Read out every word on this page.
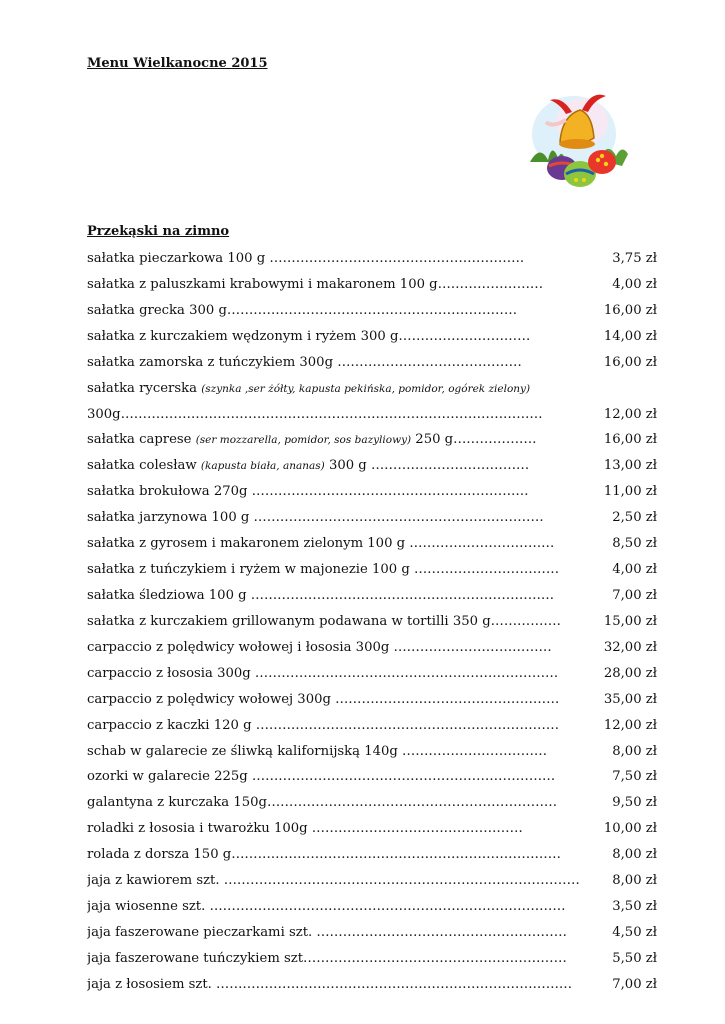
Menu Wielkanocne 2015
Przekąski na zimno
sałatka pieczarkowa 100 g ………………………………………………….	3,75 zł
sałatka z paluszkami krabowymi i makaronem 100 g……………………	4,00 zł
sałatka grecka 300 g…………………………………………………………	16,00 zł
sałatka z kurczakiem wędzonym i ryżem 300 g…………………………	14,00 zł
sałatka zamorska z tuńczykiem 300g ……………………………………	16,00 zł
sałatka rycerska (szynka ,ser żółty, kapusta pekińska, pomidor, ogórek zielony)
300g……………………………………………………………………………………	12,00 zł
sałatka caprese (ser mozzarella, pomidor, sos bazyliowy) 250 g……………….	16,00 zł
sałatka colesław (kapusta biała, ananas) 300 g ………………………………	13,00 zł
sałatka brokułowa 270g ………………………………………………………	11,00 zł
sałatka jarzynowa 100 g …………………………………………………………	2,50 zł
sałatka z gyrosem i makaronem zielonym 100 g ……………………………	8,50 zł
sałatka z tuńczykiem i ryżem w majonezie 100 g ……………………………	4,00 zł
sałatka śledziowa 100 g ……………………………………………………………	7,00 zł
sałatka z kurczakiem grillowanym podawana w tortilli 350 g…………….	15,00 zł
carpaccio z polędwicy wołowej i łososia 300g ………………………………	32,00 zł
carpaccio z łososia 300g ……………………………………………………………	28,00 zł
carpaccio z polędwicy wołowej 300g ……………………………………………	35,00 zł
carpaccio z kaczki 120 g ……………………………………………………………	12,00 zł
schab w galarecie ze śliwką kalifornijską 140g ……………………………	8,00 zł
ozorki w galarecie 225g ……………………………………………………………	7,50 zł
galantyna z kurczaka 150g…………………………………………………………	9,50 zł
roladki z łososia i twarożku 100g …………………………………………	10,00 zł
rolada z dorsza 150 g…………………………………………………………………	8,00 zł
jaja z kawiorem szt. ……………………………………………………………………… 8,00 zł
jaja wiosenne szt. ………………………………………………………………………	3,50 zł
jaja faszerowane pieczarkami szt. …………………………………………………	4,50 zł
jaja faszerowane tuńczykiem szt……………………………………………………	5,50 zł
jaja z łososiem szt. ………………………………………………………………………	7,00 zł
